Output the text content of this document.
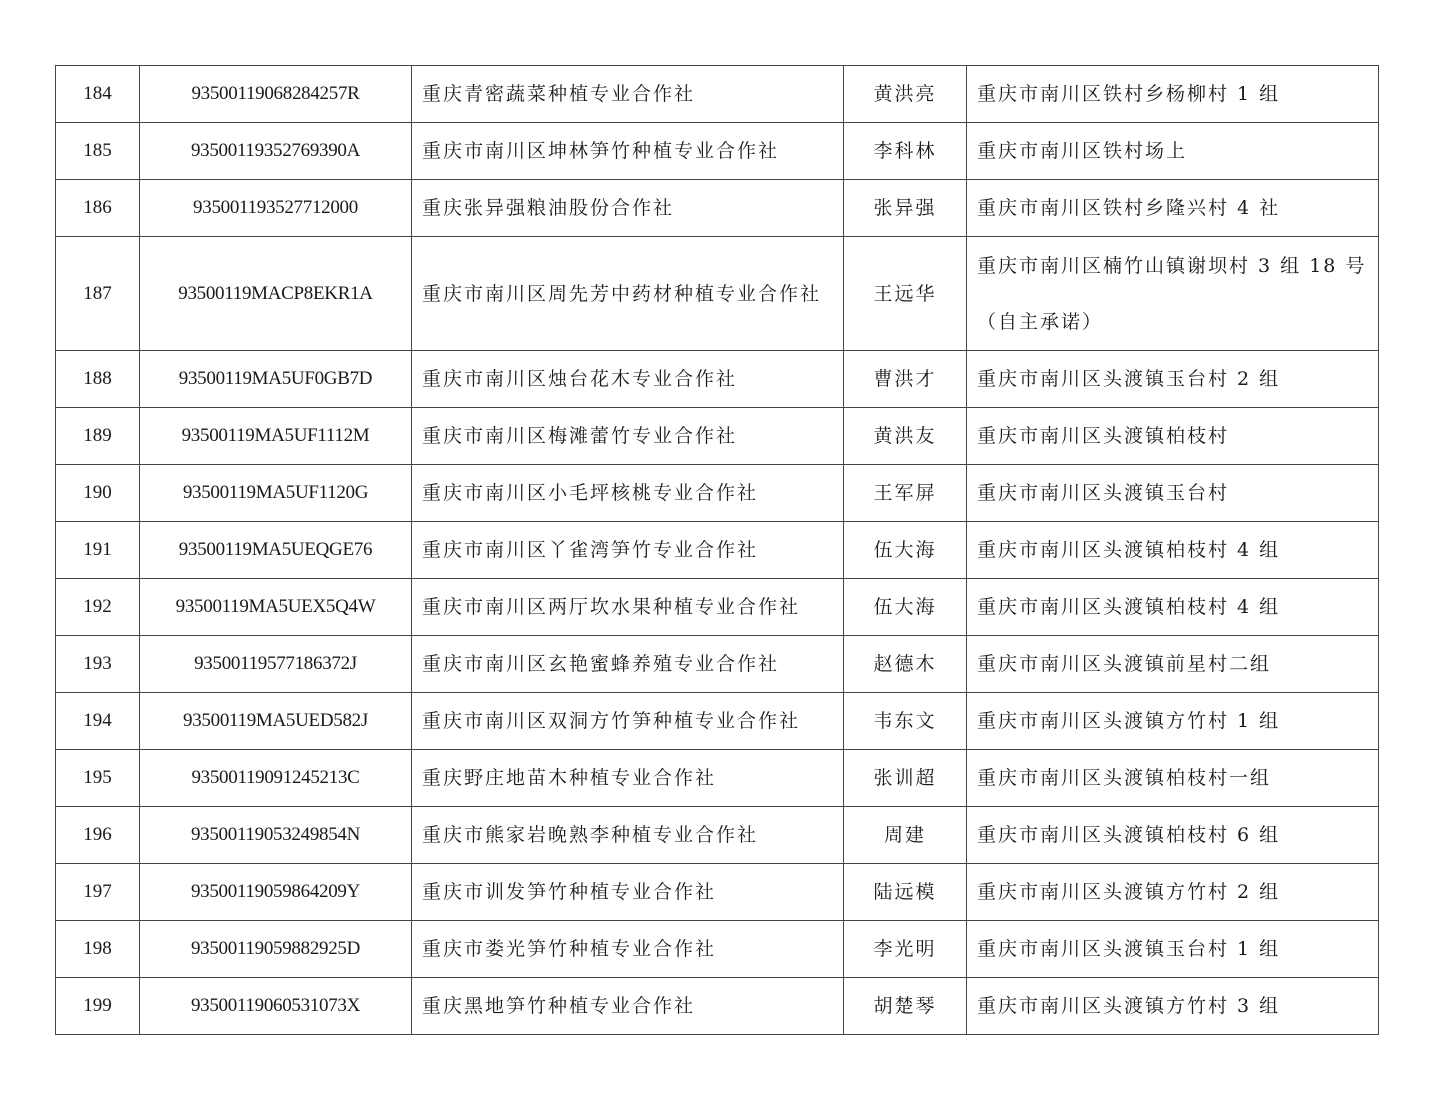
184	93500119068284257R	重庆青密蔬菜种植专业合作社	黄洪亮	重庆市南川区铁村乡杨柳村 1 组
185	93500119352769390A	重庆市南川区坤林笋竹种植专业合作社	李科林	重庆市南川区铁村场上
186	935001193527712000	重庆张异强粮油股份合作社	张异强	重庆市南川区铁村乡隆兴村 4 社
187	93500119MACP8EKR1A	重庆市南川区周先芳中药材种植专业合作社	王远华	重庆市南川区楠竹山镇谢坝村 3 组 18 号（自主承诺）
188	93500119MA5UF0GB7D	重庆市南川区烛台花木专业合作社	曹洪才	重庆市南川区头渡镇玉台村 2 组
189	93500119MA5UF1112M	重庆市南川区梅滩蕾竹专业合作社	黄洪友	重庆市南川区头渡镇柏枝村
190	93500119MA5UF1120G	重庆市南川区小毛坪核桃专业合作社	王军屏	重庆市南川区头渡镇玉台村
191	93500119MA5UEQGE76	重庆市南川区丫雀湾笋竹专业合作社	伍大海	重庆市南川区头渡镇柏枝村 4 组
192	93500119MA5UEX5Q4W	重庆市南川区两厅坎水果种植专业合作社	伍大海	重庆市南川区头渡镇柏枝村 4 组
193	93500119577186372J	重庆市南川区玄艳蜜蜂养殖专业合作社	赵德木	重庆市南川区头渡镇前星村二组
194	93500119MA5UED582J	重庆市南川区双洞方竹笋种植专业合作社	韦东文	重庆市南川区头渡镇方竹村 1 组
195	93500119091245213C	重庆野庄地苗木种植专业合作社	张训超	重庆市南川区头渡镇柏枝村一组
196	93500119053249854N	重庆市熊家岩晚熟李种植专业合作社	周建	重庆市南川区头渡镇柏枝村 6 组
197	93500119059864209Y	重庆市训发笋竹种植专业合作社	陆远模	重庆市南川区头渡镇方竹村 2 组
198	93500119059882925D	重庆市娄光笋竹种植专业合作社	李光明	重庆市南川区头渡镇玉台村 1 组
199	93500119060531073X	重庆黑地笋竹种植专业合作社	胡楚琴	重庆市南川区头渡镇方竹村 3 组
